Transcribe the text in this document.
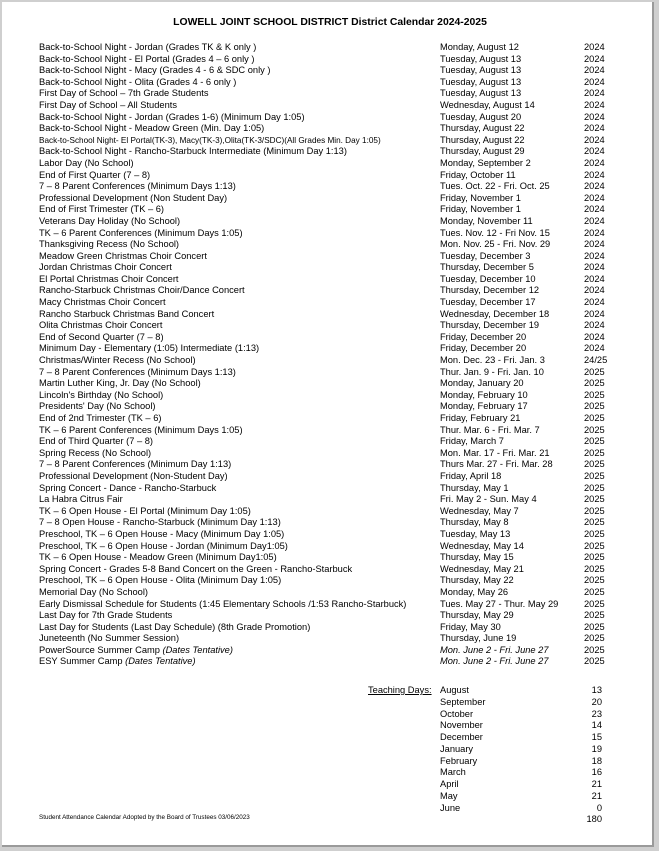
LOWELL JOINT SCHOOL DISTRICT District Calendar 2024-2025
Back-to-School Night - Jordan (Grades TK & K only )	Monday, August 12	2024
Back-to-School Night - El Portal (Grades 4 – 6 only )	Tuesday, August 13	2024
Back-to-School Night - Macy (Grades 4 - 6 & SDC only )	Tuesday, August 13	2024
Back-to-School Night - Olita (Grades 4 - 6 only )	Tuesday, August 13	2024
First Day of School – 7th Grade Students	Tuesday, August 13	2024
First Day of School – All Students	Wednesday, August 14	2024
Back-to-School Night - Jordan (Grades 1-6) (Minimum Day 1:05)	Tuesday, August 20	2024
Back-to-School Night - Meadow Green (Min. Day 1:05)	Thursday, August 22	2024
Back-to-School Night- El Portal(TK-3), Macy(TK-3),Olita(TK-3/SDC)(All Grades Min. Day 1:05)	Thursday, August 22	2024
Back-to-School Night - Rancho-Starbuck Intermediate (Minimum Day 1:13)	Thursday, August 29	2024
Labor Day (No School)	Monday, September 2	2024
End of First Quarter (7 – 8)	Friday, October 11	2024
7 – 8 Parent Conferences (Minimum Days 1:13)	Tues. Oct. 22 - Fri. Oct. 25	2024
Professional Development (Non Student Day)	Friday, November 1	2024
End of First Trimester (TK – 6)	Friday, November 1	2024
Veterans Day Holiday (No School)	Monday, November 11	2024
TK – 6 Parent Conferences (Minimum Days 1:05)	Tues. Nov. 12 - Fri Nov. 15	2024
Thanksgiving Recess (No School)	Mon. Nov. 25 - Fri. Nov. 29	2024
Meadow Green Christmas Choir Concert	Tuesday, December 3	2024
Jordan Christmas Choir Concert	Thursday, December 5	2024
El Portal Christmas Choir Concert	Tuesday, December 10	2024
Rancho-Starbuck Christmas Choir/Dance Concert	Thursday, December 12	2024
Macy Christmas Choir Concert	Tuesday, December 17	2024
Rancho Starbuck Christmas Band Concert	Wednesday, December 18	2024
Olita Christmas Choir Concert	Thursday, December 19	2024
End of Second Quarter (7 – 8)	Friday, December 20	2024
Minimum Day - Elementary (1:05) Intermediate (1:13)	Friday, December 20	2024
Christmas/Winter Recess (No School)	Mon. Dec. 23 - Fri. Jan. 3	24/25
7 – 8 Parent Conferences (Minimum Days 1:13)	Thur. Jan. 9 - Fri. Jan. 10	2025
Martin Luther King, Jr. Day (No School)	Monday, January 20	2025
Lincoln's Birthday (No School)	Monday, February 10	2025
Presidents' Day (No School)	Monday, February 17	2025
End of 2nd Trimester (TK – 6)	Friday, February 21	2025
TK – 6 Parent Conferences (Minimum Days 1:05)	Thur. Mar. 6 - Fri. Mar. 7	2025
End of Third Quarter (7 – 8)	Friday, March 7	2025
Spring Recess (No School)	Mon. Mar. 17 - Fri. Mar. 21	2025
7 – 8 Parent Conferences (Minimum Day 1:13)	Thurs Mar. 27 - Fri. Mar. 28	2025
Professional Development (Non-Student Day)	Friday, April 18	2025
Spring Concert - Dance - Rancho-Starbuck	Thursday, May 1	2025
La Habra Citrus Fair	Fri. May 2 - Sun. May 4	2025
TK – 6 Open House - El Portal (Minimum Day 1:05)	Wednesday, May 7	2025
7 – 8 Open House - Rancho-Starbuck (Minimum Day 1:13)	Thursday, May 8	2025
Preschool, TK – 6 Open House - Macy (Minimum Day 1:05)	Tuesday, May 13	2025
Preschool, TK – 6 Open House - Jordan (Minimum Day1:05)	Wednesday, May 14	2025
TK – 6 Open House - Meadow Green (Minimum Day1:05)	Thursday, May 15	2025
Spring Concert - Grades 5-8 Band Concert on the Green - Rancho-Starbuck	Wednesday, May 21	2025
Preschool, TK – 6 Open House - Olita (Minimum Day 1:05)	Thursday, May 22	2025
Memorial Day (No School)	Monday, May 26	2025
Early Dismissal Schedule for Students (1:45 Elementary Schools /1:53 Rancho-Starbuck)	Tues. May 27 - Thur. May 29	2025
Last Day for 7th Grade Students	Thursday, May 29	2025
Last Day for Students (Last Day Schedule) (8th Grade Promotion)	Friday, May 30	2025
Juneteenth (No Summer Session)	Thursday, June 19	2025
PowerSource Summer Camp (Dates Tentative)	Mon. June 2 - Fri. June 27	2025
ESY Summer Camp (Dates Tentative)	Mon. June 2 - Fri. June 27	2025
Teaching Days: August	13
September	20
October	23
November	14
December	15
January	19
February	18
March	16
April	21
May	21
June	0
180
Student Attendance Calendar Adopted by the Board of Trustees 03/06/2023
